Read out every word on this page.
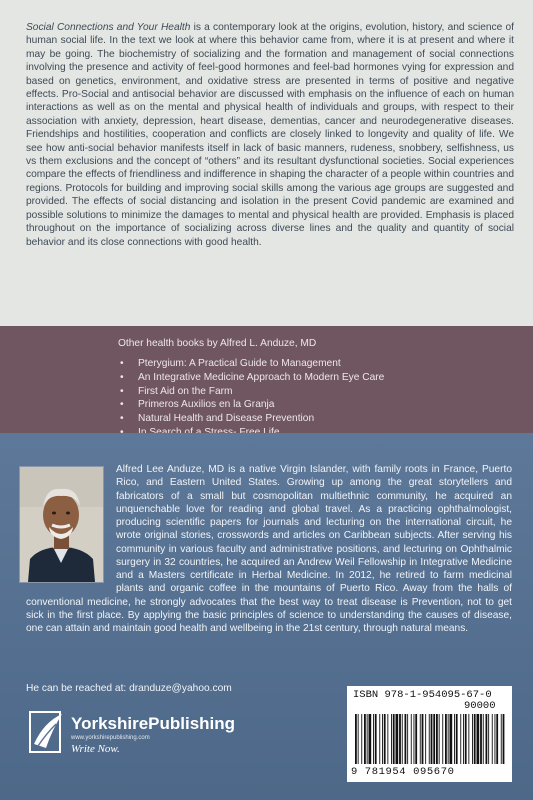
Social Connections and Your Health is a contemporary look at the origins, evolution, history, and science of human social life. In the text we look at where this behavior came from, where it is at present and where it may be going. The biochemistry of socializing and the formation and management of social connections involving the presence and activity of feel-good hormones and feel-bad hormones vying for expression and based on genetics, environment, and oxidative stress are presented in terms of positive and negative effects. Pro-Social and antisocial behavior are discussed with emphasis on the influence of each on human interactions as well as on the mental and physical health of individuals and groups, with respect to their association with anxiety, depression, heart disease, dementias, cancer and neurodegenerative diseases. Friendships and hostilities, cooperation and conflicts are closely linked to longevity and quality of life. We see how anti-social behavior manifests itself in lack of basic manners, rudeness, snobbery, selfishness, us vs them exclusions and the concept of “others” and its resultant dysfunctional societies. Social experiences compare the effects of friendliness and indifference in shaping the character of a people within countries and regions. Protocols for building and improving social skills among the various age groups are suggested and provided. The effects of social distancing and isolation in the present Covid pandemic are examined and possible solutions to minimize the damages to mental and physical health are provided. Emphasis is placed throughout on the importance of socializing across diverse lines and the quality and quantity of social behavior and its close connections with good health.

Other health books by Alfred L. Anduze, MD
• Pterygium: A Practical Guide to Management
• An Integrative Medicine Approach to Modern Eye Care
• First Aid on the Farm
• Primeros Auxilios en la Granja
• Natural Health and Disease Prevention
•

Alfred Lee Anduze, MD is a native Virgin Islander, with family roots in France, Puerto Rico, and Eastern United States. Growing up among the great storytellers and fabricators of a small but cosmopolitan multiethnic community, he acquired an unquenchable love for reading and global travel. As a practicing ophthalmologist, producing scientific papers for journals and lecturing on the international circuit, he wrote original stories, crosswords and articles on Caribbean subjects. After serving his community in various faculty and administrative positions, and lecturing on Ophthalmic surgery in 32 countries, he acquired an Andrew Weil Fellowship in Integrative Medicine and a Masters certificate in Herbal Medicine. In 2012, he retired to farm medicinal plants and organic coffee in the mountains of Puerto Rico. Away from the halls of conventional medicine, he strongly advocates that the best way to treat disease is Prevention, not to get sick in the first place. By applying the basic principles of science to understanding the causes of disease, one can attain and maintain good health and wellbeing in the 21st century, through natural means.

He can be reached at: dranduze@yahoo.com
YorkshirePublishing
www.yorkshirepublishing.com
Write Now.
ISBN 978-1-954095-67-0
90000
9 781954 095670
